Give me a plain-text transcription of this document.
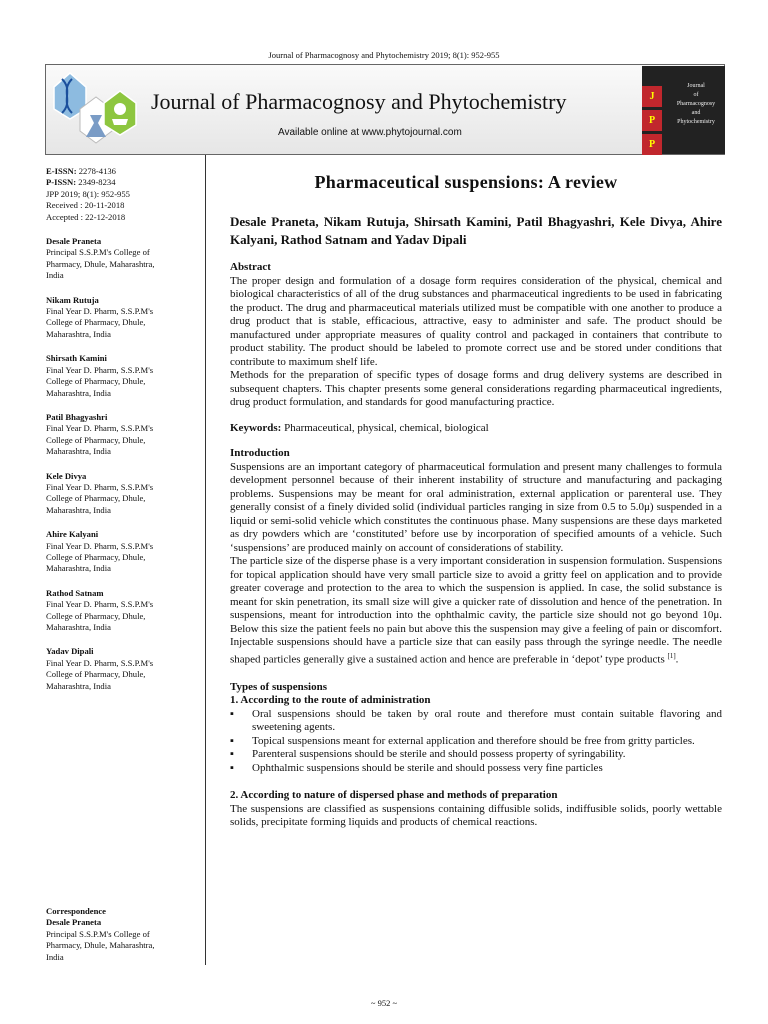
Journal of Pharmacognosy and Phytochemistry 2019; 8(1): 952-955
Journal of Pharmacognosy and Phytochemistry
Available online at www.phytojournal.com
J
P
P
Journal
of
Pharmacognosy
and
Phytochemistry
E-ISSN: 2278-4136
P-ISSN: 2349-8234
JPP 2019; 8(1): 952-955
Received : 20-11-2018
Accepted : 22-12-2018
Desale Praneta
Principal S.S.P.M's College of
Pharmacy, Dhule, Maharashtra,
India
Nikam Rutuja
Final Year D. Pharm, S.S.P.M's
College of Pharmacy, Dhule,
Maharashtra, India
Shirsath Kamini
Final Year D. Pharm, S.S.P.M's
College of Pharmacy, Dhule,
Maharashtra, India
Patil Bhagyashri
Final Year D. Pharm, S.S.P.M's
College of Pharmacy, Dhule,
Maharashtra, India
Kele Divya
Final Year D. Pharm, S.S.P.M's
College of Pharmacy, Dhule,
Maharashtra, India
Ahire Kalyani
Final Year D. Pharm, S.S.P.M's
College of Pharmacy, Dhule,
Maharashtra, India
Rathod Satnam
Final Year D. Pharm, S.S.P.M's
College of Pharmacy, Dhule,
Maharashtra, India
Yadav Dipali
Final Year D. Pharm, S.S.P.M's
College of Pharmacy, Dhule,
Maharashtra, India
Correspondence
Desale Praneta
Principal S.S.P.M's College of
Pharmacy, Dhule, Maharashtra,
India
Pharmaceutical suspensions: A review
Desale Praneta, Nikam Rutuja, Shirsath Kamini, Patil Bhagyashri, Kele Divya, Ahire Kalyani, Rathod Satnam and Yadav Dipali
Abstract

The proper design and formulation of a dosage form requires consideration of the physical, chemical and biological characteristics of all of the drug substances and pharmaceutical ingredients to be used in fabricating the product. The drug and pharmaceutical materials utilized must be compatible with one another to produce a drug product that is stable, efficacious, attractive, easy to administer and safe. The product should be manufactured under appropriate measures of quality control and packaged in containers that contribute to product stability. The product should be labeled to promote correct use and be stored under conditions that contribute to maximum shelf life.

Methods for the preparation of specific types of dosage forms and drug delivery systems are described in subsequent chapters. This chapter presents some general considerations regarding pharmaceutical ingredients, drug product formulation, and standards for good manufacturing practice.

Keywords: Pharmaceutical, physical, chemical, biological
Introduction

Suspensions are an important category of pharmaceutical formulation and present many challenges to formula development personnel because of their inherent instability of structure and manufacturing and packaging problems. Suspensions may be meant for oral administration, external application or parenteral use. They generally consist of a finely divided solid (individual particles ranging in size from 0.5 to 5.0μ) suspended in a liquid or semi-solid vehicle which constitutes the continuous phase. Many suspensions are these days marketed as dry powders which are ‘constituted’ before use by incorporation of specified amounts of a vehicle. Such ‘suspensions’ are produced mainly on account of considerations of stability.

The particle size of the disperse phase is a very important consideration in suspension formulation. Suspensions for topical application should have very small particle size to avoid a gritty feel on application and to provide greater coverage and protection to the area to which the suspension is applied. In case, the solid substance is meant for skin penetration, its small size will give a quicker rate of dissolution and hence of the penetration. In suspensions, meant for introduction into the ophthalmic cavity, the particle size should not go beyond 10μ. Below this size the patient feels no pain but above this the suspension may give a feeling of pain or discomfort. Injectable suspensions should have a particle size that can easily pass through the syringe needle. The needle shaped particles generally give a sustained action and hence are preferable in ‘depot’ type products [1].

Types of suspensions
1. According to the route of administration
▪ Oral suspensions should be taken by oral route and therefore must contain suitable flavoring and sweetening agents.
▪ Topical suspensions meant for external application and therefore should be free from gritty particles.
▪ Parenteral suspensions should be sterile and should possess property of syringability.
▪ Ophthalmic suspensions should be sterile and should possess very fine particles
2. According to nature of dispersed phase and methods of preparation

The suspensions are classified as suspensions containing diffusible solids, indiffusible solids, poorly wettable solids, precipitate forming liquids and products of chemical reactions.

~ 952 ~
